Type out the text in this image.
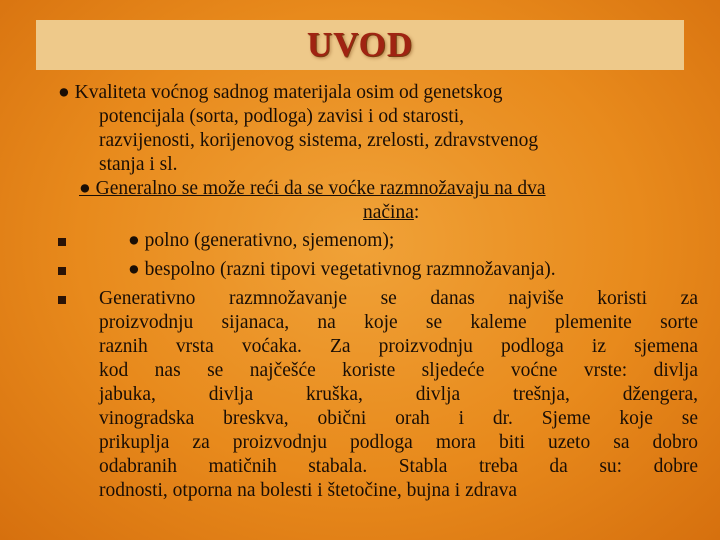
UVOD
● Kvaliteta voćnog sadnog materijala osim od genetskog
potencijala (sorta, podloga) zavisi i od starosti,
razvijenosti, korijenovog sistema, zrelosti, zdravstvenog
stanja i sl.
● Generalno se može reći da se voćke razmnožavaju na dva
načina:
● polno (generativno, sjemenom);
● bespolno (razni tipovi vegetativnog razmnožavanja).
Generativno razmnožavanje se danas najviše koristi za
proizvodnju sijanaca, na koje se kaleme plemenite sorte
raznih vrsta voćaka. Za proizvodnju podloga iz sjemena
kod nas se najčešće koriste sljedeće voćne vrste: divlja
jabuka, divlja kruška, divlja trešnja, džengera,
vinogradska breskva, obični orah i dr. Sjeme koje se
prikuplja za proizvodnju podloga mora biti uzeto sa dobro
odabranih matičnih stabala. Stabla treba da su: dobre
rodnosti, otporna na bolesti i štetočine, bujna i zdrava
